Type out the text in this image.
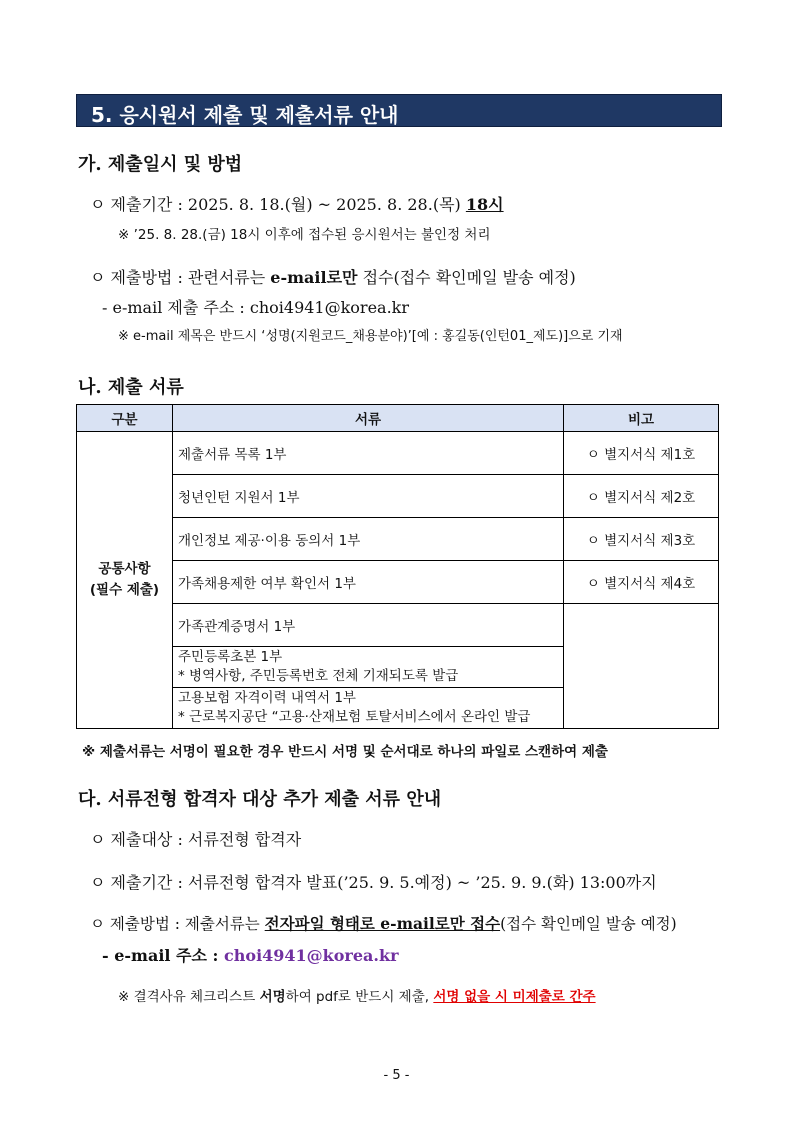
5. 응시원서 제출 및 제출서류 안내
가. 제출일시 및 방법
ㅇ 제출기간 : 2025. 8. 18.(월) ~ 2025. 8. 28.(목) 18시
※ ’25. 8. 28.(금) 18시 이후에 접수된 응시원서는 불인정 처리
ㅇ 제출방법 : 관련서류는 e-mail로만 접수(접수 확인메일 발송 예정)
- e-mail 제출 주소 : choi4941@korea.kr
※ e-mail 제목은 반드시 ‘성명(지원코드_채용분야)’[예 : 홍길동(인턴01_제도)]으로 기재
나. 제출 서류
구분	서류	비고

공통사항
(필수 제출)	제출서류 목록 1부	ㅇ 별지서식 제1호
	청년인턴 지원서 1부	ㅇ 별지서식 제2호
	개인정보 제공·이용 동의서 1부	ㅇ 별지서식 제3호
	가족채용제한 여부 확인서 1부	ㅇ 별지서식 제4호
	가족관계증명서 1부	

	주민등록초본 1부
* 병역사항, 주민등록번호 전체 기재되도록 발급	

	고용보험 자격이력 내역서 1부
* 근로복지공단 “고용·산재보험 토탈서비스에서 온라인 발급	
※ 제출서류는 서명이 필요한 경우 반드시 서명 및 순서대로 하나의 파일로 스캔하여 제출
다. 서류전형 합격자 대상 추가 제출 서류 안내
ㅇ 제출대상 : 서류전형 합격자
ㅇ 제출기간 : 서류전형 합격자 발표(’25. 9. 5.예정) ~ ’25. 9. 9.(화) 13:00까지
ㅇ 제출방법 : 제출서류는 전자파일 형태로 e-mail로만 접수(접수 확인메일 발송 예정)
- e-mail 주소 : choi4941@korea.kr
※ 결격사유 체크리스트 서명하여 pdf로 반드시 제출, 서명 없을 시 미제출로 간주
- 5 -
